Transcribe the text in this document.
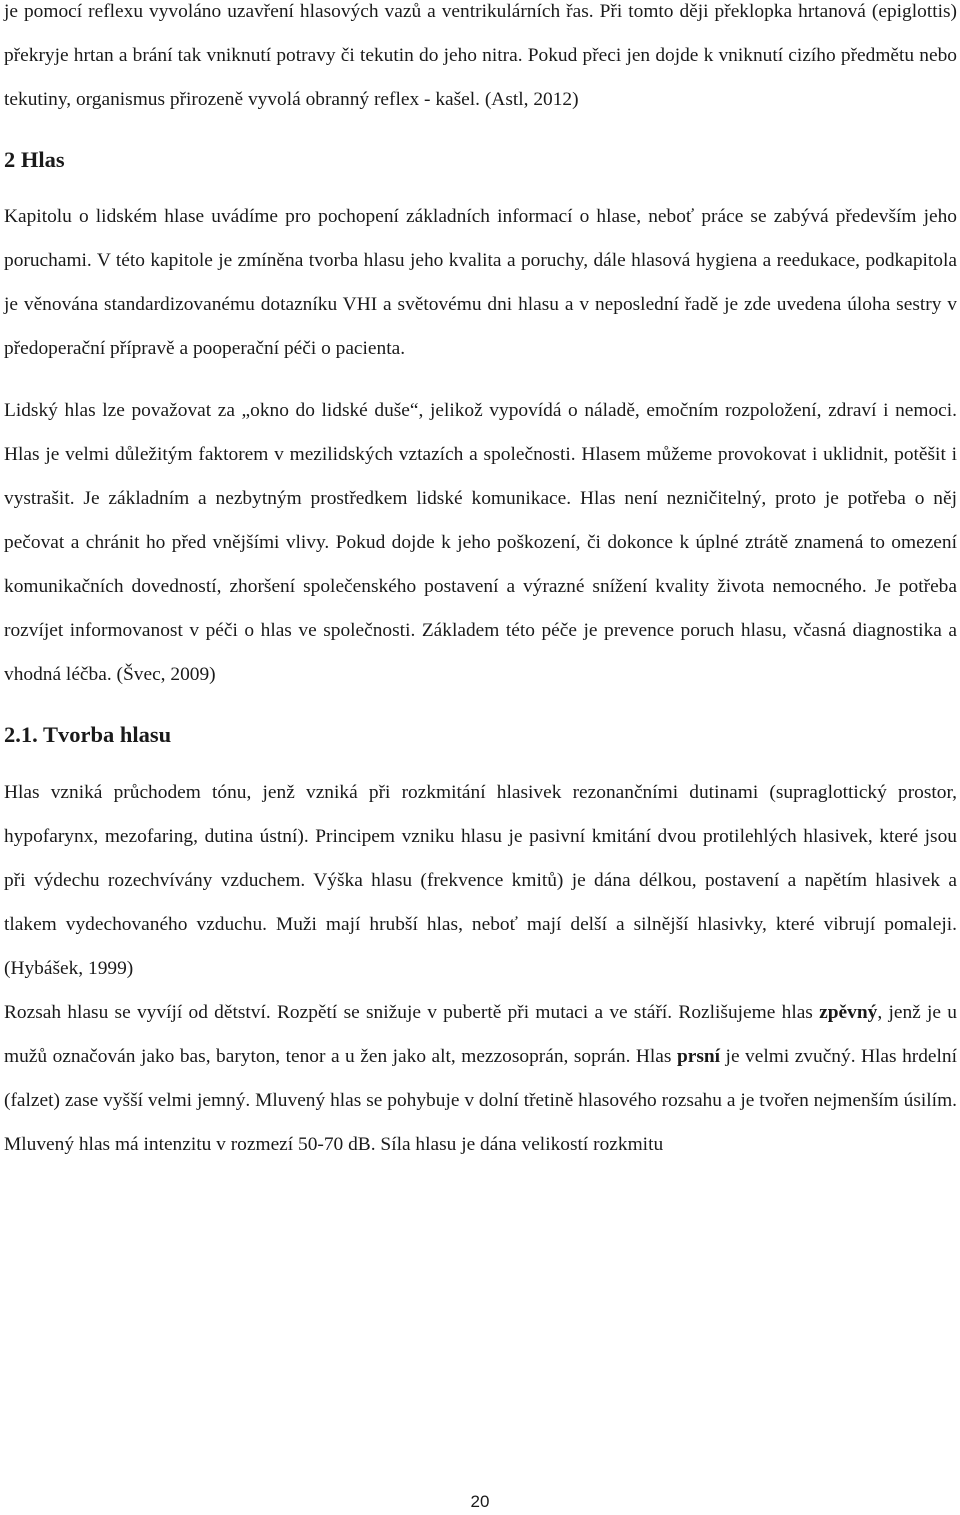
je pomocí reflexu vyvoláno uzavření hlasových vazů a ventrikulárních řas. Při tomto ději překlopka hrtanová (epiglottis) překryje hrtan a brání tak vniknutí potravy či tekutin do jeho nitra. Pokud přeci jen dojde k vniknutí cizího předmětu nebo tekutiny, organismus přirozeně vyvolá obranný reflex - kašel. (Astl, 2012)

2 Hlas

Kapitolu o lidském hlase uvádíme pro pochopení základních informací o hlase, neboť práce se zabývá především jeho poruchami. V této kapitole je zmíněna tvorba hlasu jeho kvalita a poruchy, dále hlasová hygiena a reedukace, podkapitola je věnována standardizovanému dotazníku VHI a světovému dni hlasu a v neposlední řadě je zde uvedena úloha sestry v předoperační přípravě a pooperační péči o pacienta.

Lidský hlas lze považovat za „okno do lidské duše“, jelikož vypovídá o náladě, emočním rozpoložení, zdraví i nemoci. Hlas je velmi důležitým faktorem v mezilidských vztazích a společnosti. Hlasem můžeme provokovat i uklidnit, potěšit i vystrašit. Je základním a nezbytným prostředkem lidské komunikace. Hlas není nezničitelný, proto je potřeba o něj pečovat a chránit ho před vnějšími vlivy. Pokud dojde k jeho poškození, či dokonce k úplné ztrátě znamená to omezení komunikačních dovedností, zhoršení společenského postavení a výrazné snížení kvality života nemocného. Je potřeba rozvíjet informovanost v péči o hlas ve společnosti. Základem této péče je prevence poruch hlasu, včasná diagnostika a vhodná léčba. (Švec, 2009)

2.1. Tvorba hlasu

Hlas vzniká průchodem tónu, jenž vzniká při rozkmitání hlasivek rezonančními dutinami (supraglottický prostor, hypofarynx, mezofaring, dutina ústní). Principem vzniku hlasu je pasivní kmitání dvou protilehlých hlasivek, které jsou při výdechu rozechvívány vzduchem. Výška hlasu (frekvence kmitů) je dána délkou, postavení a napětím hlasivek a tlakem vydechovaného vzduchu. Muži mají hrubší hlas, neboť mají delší a silnější hlasivky, které vibrují pomaleji. (Hybášek, 1999)

Rozsah hlasu se vyvíjí od dětství. Rozpětí se snižuje v pubertě při mutaci a ve stáří. Rozlišujeme hlas zpěvný, jenž je u mužů označován jako bas, baryton, tenor a u žen jako alt, mezzosoprán, soprán. Hlas prsní je velmi zvučný. Hlas hrdelní (falzet) zase vyšší velmi jemný. Mluvený hlas se pohybuje v dolní třetině hlasového rozsahu a je tvořen nejmenším úsilím. Mluvený hlas má intenzitu v rozmezí 50-70 dB. Síla hlasu je dána velikostí rozkmitu

20
